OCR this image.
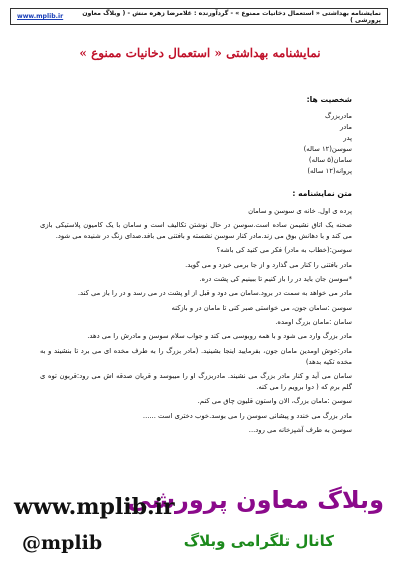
نمایشنامه بهداشتی « استعمال دخانیات ممنوع » - گردآورنده : غلامرضا زهره منش - ( وبلاگ معاون پرورشی )
www.mplib.ir
نمایشنامه بهداشتی « استعمال دخانیات ممنوع »

شخصیت ها:

مادربزرگ

مادر

پدر

سوسن(۱۲ ساله)

سامان(۵ ساله)

پروانه(۱۲ ساله)

متن نمایشنامه :

پرده ی اول. خانه ی سوسن و سامان

صحنه یک اتاق نشیمن ساده است.سوسن در حال نوشتن تکالیف است و سامان با یک کامیون پلاستیکی بازی می کند و با دهانش بوق می زند.مادر کنار سوسن نشسته و بافتنی می بافد.صدای زنگ در شنیده می شود.

سوسن:(خطاب به مادر) فکر می کنید کی باشه؟

مادر بافتنی را کنار می گذارد و از جا برمی خیزد و می گوید.

*سوسن جان باید در را باز کنیم تا ببینیم کی پشت دره.

مادر می خواهد به سمت در برود.سامان می دود و قبل از او پشت در می رسد و در را باز می کند.

سوسن :سامان جون، می خواستی صبر کنی تا مامان در و بازکنه

سامان :مامان بزرگ اومده.

مادر بزرگ وارد می شود و با همه روبوسی می کند و جواب سلام سوسن و مادرش را می دهد.

مادر:خوش اومدین مامان جون، بفرمایید اینجا بشینید. (مادر بزرگ را به طرف مخده ای می برد تا بنشیند و به مخده تکیه بدهد)

سامان می آید و کنار مادر بزرگ می نشیند. مادربزرگ او را میبوسد و قربان صدقه اش می رود:قربون توه ی گلم برم که ( دوا برویم را می کنه.

سوسن :مامان بزرگ، الان واستون قلیون چاق می کنم.

مادر بزرگ می خندد و پیشانی سوسن را می بوسد.خوب دختری است ......

سوسن به طرف آشپزخانه می رود...

وبلاگ معاون پرورشی
www.mplib.ir
کانال تلگرامی وبلاگ
@mplib
